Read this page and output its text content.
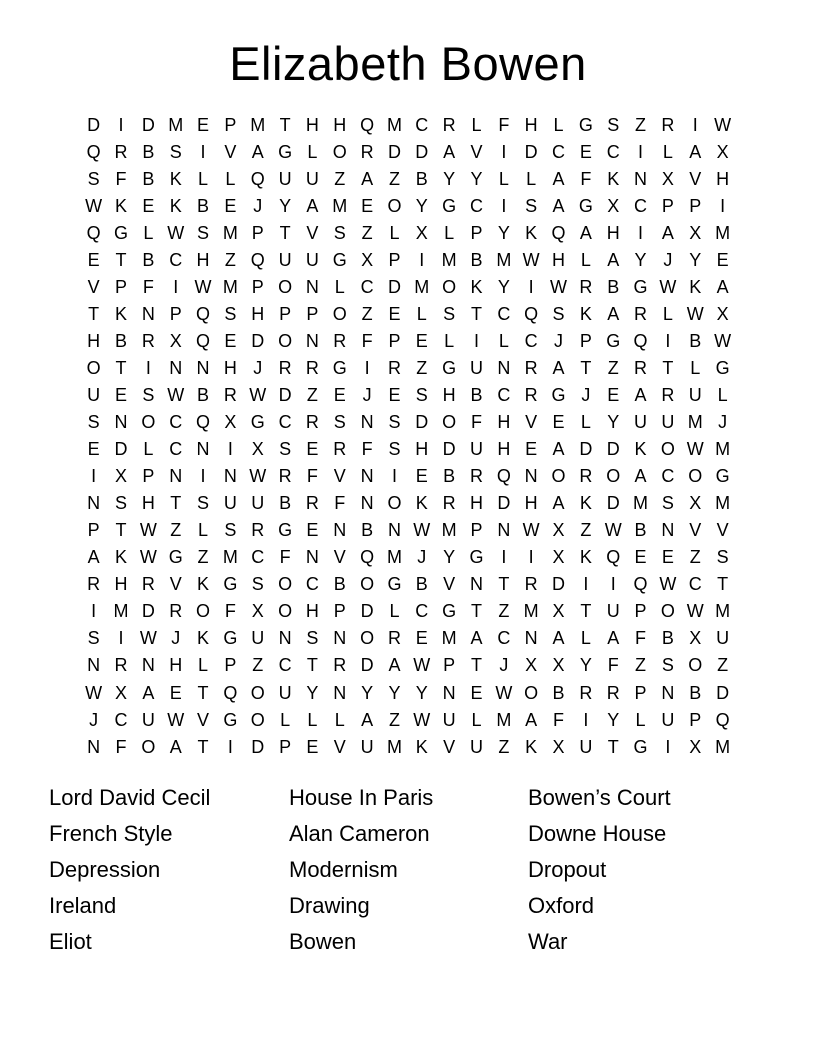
Elizabeth Bowen
D	I	D M E P M T H H Q M C R L F H L G S Z R	I W
Q R B S	I	V A G L O R D D A V	I	D C E C	I	L A X
S F B K L L Q U U Z A Z B Y Y L L A F K N X V H
W K E K B E J Y A M E O Y G C	I	S A G X C P P	I
Q G L W S M P T V S Z L X L P Y K Q A H	I	A X M
E T B C H Z Q U U G X P	I M B M W H L A Y J Y E
V P F	I W M P O N L C D M O K Y	I W R B G W K A
T K N P Q S H P P O Z E L S T C Q S K A R L W X
H B R X Q E D O N R F P E L	I	L C J P G Q I	B W
O T	I	N N H J R R G I	R Z G U N R A T Z R T L G
U E S W B R W D Z E J E S H B C R G J E A R U L
S N O C Q X G C R S N S D O F H V E L Y U U M J
E D L C N	I	X S E R F S H D U H E A D D K O W M
I	X P N	I	N W R F V N	I	E B R Q N O R O A C O G
N S H T S U U B R F N O K R H D H A K D M S X M
P T W Z L S R G E N B N W M P N W X Z W B N V V
A K W G Z M C F N V Q M J Y G I	I	X K Q E E Z S
R H R V K G S O C B O G B V N T R D	I	I Q W C T
I M D R O F X O H P D L C G T Z M X T U P O W M
S	I W J K G U N S N O R E M A C N A L A F B X U
N R N H L P Z C T R D A W P T J X X Y F Z S O Z
W X A E T Q O U Y N Y Y Y N E W O B R R P N B D
J C U W V G O L L L A Z W U L M A F	I	Y L U P Q
N F O A T	I	D P E V U M K V U Z K X U T G I	X M
Lord David Cecil
French Style
Depression
Ireland
Eliot
House In Paris
Alan Cameron
Modernism
Drawing
Bowen
Bowen’s Court
Downe House
Dropout
Oxford
War
